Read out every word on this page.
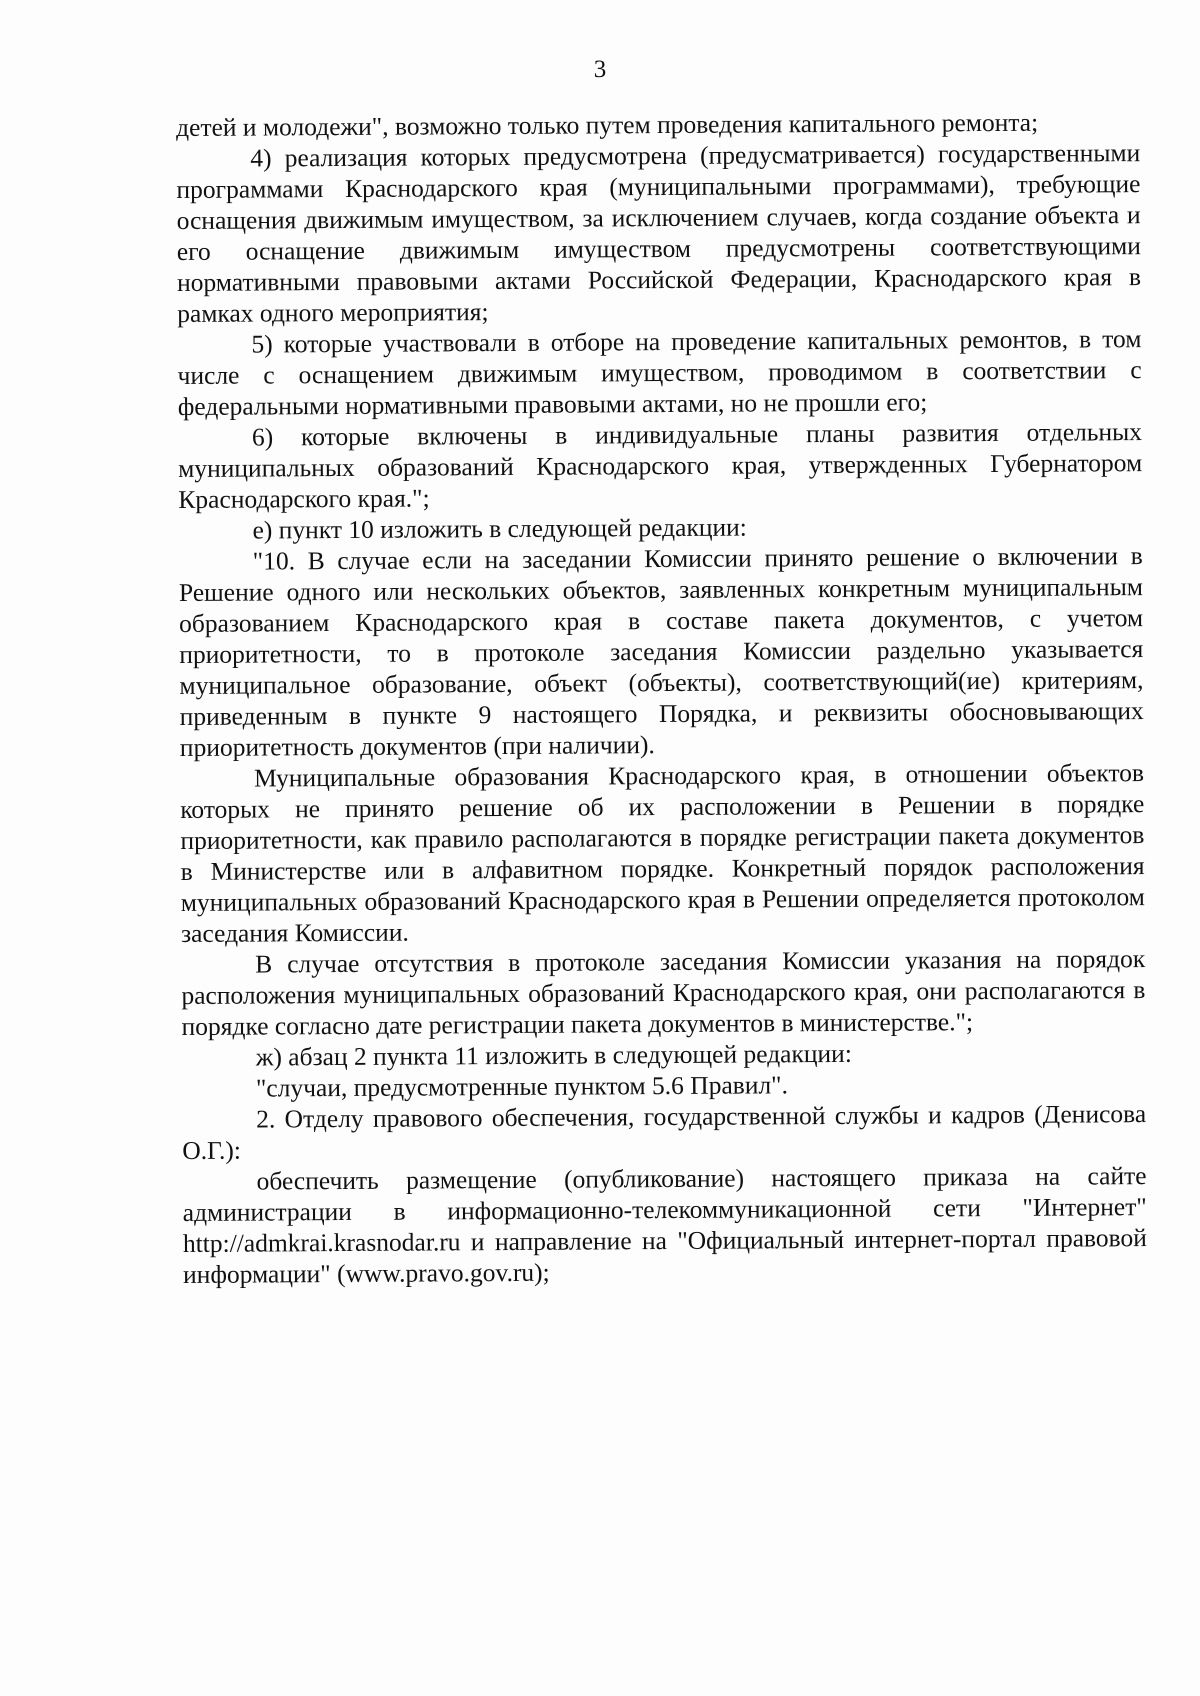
3

детей и молодежи", возможно только путем проведения капитального ремонта;

4) реализация которых предусмотрена (предусматривается) государственными программами Краснодарского края (муниципальными программами), требующие оснащения движимым имуществом, за исключением случаев, когда создание объекта и его оснащение движимым имуществом предусмотрены соответствующими нормативными правовыми актами Российской Федерации, Краснодарского края в рамках одного мероприятия;

5) которые участвовали в отборе на проведение капитальных ремонтов, в том числе с оснащением движимым имуществом, проводимом в соответствии с федеральными нормативными правовыми актами, но не прошли его;

6) которые включены в индивидуальные планы развития отдельных муниципальных образований Краснодарского края, утвержденных Губернатором Краснодарского края.";

е) пункт 10 изложить в следующей редакции:

"10. В случае если на заседании Комиссии принято решение о включении в Решение одного или нескольких объектов, заявленных конкретным муниципальным образованием Краснодарского края в составе пакета документов, с учетом приоритетности, то в протоколе заседания Комиссии раздельно указывается муниципальное образование, объект (объекты), соответствующий(ие) критериям, приведенным в пункте 9 настоящего Порядка, и реквизиты обосновывающих приоритетность документов (при наличии).

Муниципальные образования Краснодарского края, в отношении объектов которых не принято решение об их расположении в Решении в порядке приоритетности, как правило располагаются в порядке регистрации пакета документов в Министерстве или в алфавитном порядке. Конкретный порядок расположения муниципальных образований Краснодарского края в Решении определяется протоколом заседания Комиссии.

В случае отсутствия в протоколе заседания Комиссии указания на порядок расположения муниципальных образований Краснодарского края, они располагаются в порядке согласно дате регистрации пакета документов в министерстве.";

ж) абзац 2 пункта 11 изложить в следующей редакции:

"случаи, предусмотренные пунктом 5.6 Правил".

2. Отделу правового обеспечения, государственной службы и кадров (Денисова О.Г.):

обеспечить размещение (опубликование) настоящего приказа на сайте администрации в информационно-телекоммуникационной сети "Интернет" http://admkrai.krasnodar.ru и направление на "Официальный интернет-портал правовой информации" (www.pravo.gov.ru);
